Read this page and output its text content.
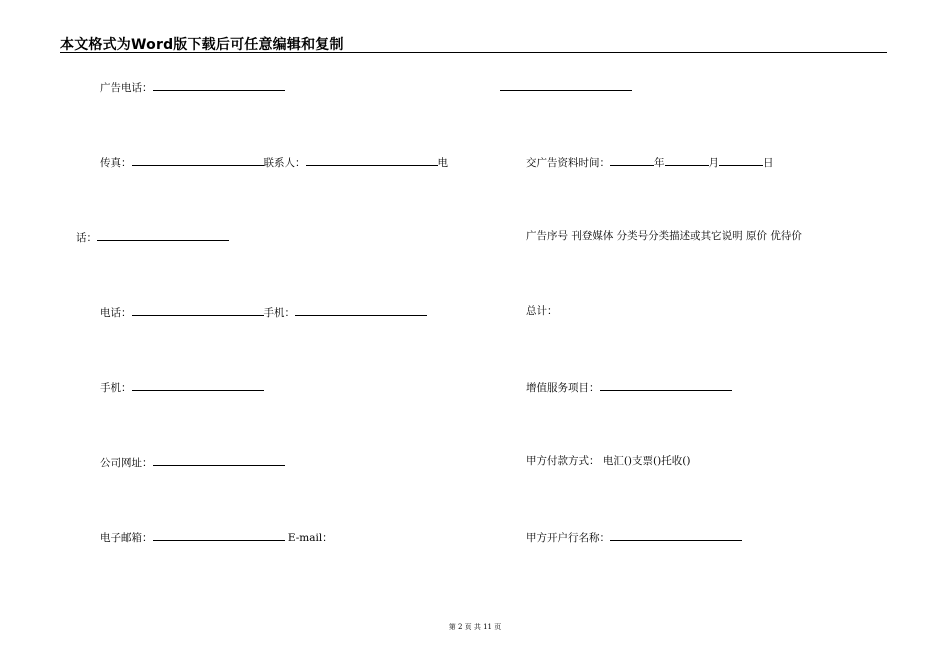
本文格式为Word版下载后可任意编辑和复制
广告电话：
传真：	联系人：	电
话：
电话：	手机：
手机：
公司网址：
电子邮箱：	E-mail：
交广告资料时间：	年	月	日
广告序号 刊登媒体 分类号分类描述或其它说明 原价 优待价
总计：
增值服务项目：
甲方付款方式： 电汇()支票()托收()
甲方开户行名称：
第 2 页 共 11 页
